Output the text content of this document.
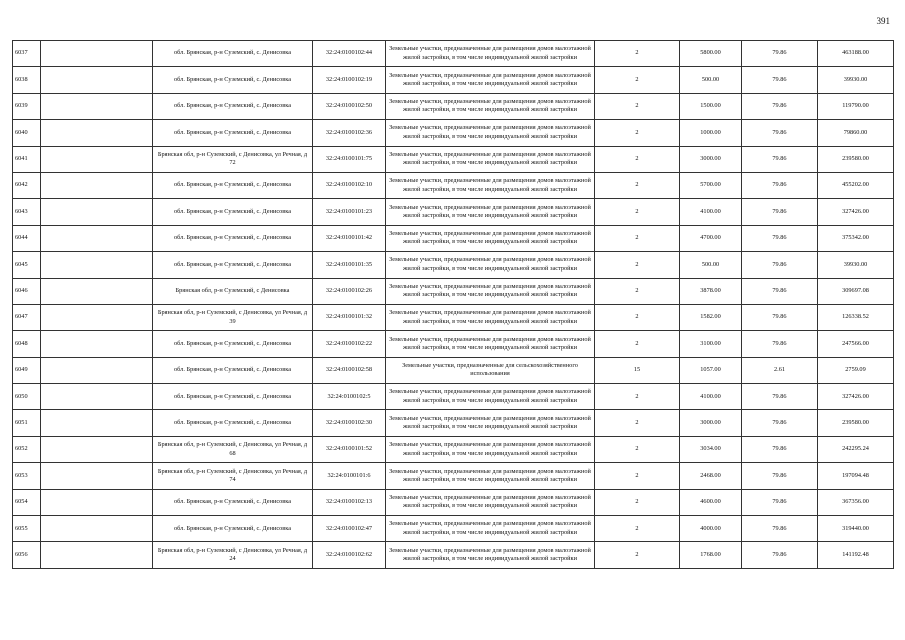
391
6037		обл. Брянская, р-н Суземский, с. Денисовка	32:24:0100102:44	Земельные участки, предназначенные для размещения домов малоэтажной жилой застройки, в том числе индивидуальной жилой застройки	2	5800.00	79.86	463188.00
6038		обл. Брянская, р-н Суземский, с. Денисовка	32:24:0100102:19	Земельные участки, предназначенные для размещения домов малоэтажной жилой застройки, в том числе индивидуальной жилой застройки	2	500.00	79.86	39930.00
6039		обл. Брянская, р-н Суземский, с. Денисовка	32:24:0100102:50	Земельные участки, предназначенные для размещения домов малоэтажной жилой застройки, в том числе индивидуальной жилой застройки	2	1500.00	79.86	119790.00
6040		обл. Брянская, р-н Суземский, с. Денисовка	32:24:0100102:36	Земельные участки, предназначенные для размещения домов малоэтажной жилой застройки, в том числе индивидуальной жилой застройки	2	1000.00	79.86	79860.00
6041		Брянская обл, р-н Суземский, с Денисовка, ул Речная, д 72	32:24:0100101:75	Земельные участки, предназначенные для размещения домов малоэтажной жилой застройки, в том числе индивидуальной жилой застройки	2	3000.00	79.86	239580.00
6042		обл. Брянская, р-н Суземский, с. Денисовка	32:24:0100102:10	Земельные участки, предназначенные для размещения домов малоэтажной жилой застройки, в том числе индивидуальной жилой застройки	2	5700.00	79.86	455202.00
6043		обл. Брянская, р-н Суземский, с. Денисовка	32:24:0100101:23	Земельные участки, предназначенные для размещения домов малоэтажной жилой застройки, в том числе индивидуальной жилой застройки	2	4100.00	79.86	327426.00
6044		обл. Брянская, р-н Суземский, с. Денисовка	32:24:0100101:42	Земельные участки, предназначенные для размещения домов малоэтажной жилой застройки, в том числе индивидуальной жилой застройки	2	4700.00	79.86	375342.00
6045		обл. Брянская, р-н Суземский, с. Денисовка	32:24:0100101:35	Земельные участки, предназначенные для размещения домов малоэтажной жилой застройки, в том числе индивидуальной жилой застройки	2	500.00	79.86	39930.00
6046		Брянская обл, р-н Суземский, с Денисовка	32:24:0100102:26	Земельные участки, предназначенные для размещения домов малоэтажной жилой застройки, в том числе индивидуальной жилой застройки	2	3878.00	79.86	309697.08
6047		Брянская обл, р-н Суземский, с Денисовка, ул Речная, д 39	32:24:0100101:32	Земельные участки, предназначенные для размещения домов малоэтажной жилой застройки, в том числе индивидуальной жилой застройки	2	1582.00	79.86	126338.52
6048		обл. Брянская, р-н Суземский, с. Денисовка	32:24:0100102:22	Земельные участки, предназначенные для размещения домов малоэтажной жилой застройки, в том числе индивидуальной жилой застройки	2	3100.00	79.86	247566.00
6049		обл. Брянская, р-н Суземский, с. Денисовка	32:24:0100102:58	Земельные участки, предназначенные для сельскохозяйственного использования	15	1057.00	2.61	2759.09
6050		обл. Брянская, р-н Суземский, с. Денисовка	32:24:0100102:5	Земельные участки, предназначенные для размещения домов малоэтажной жилой застройки, в том числе индивидуальной жилой застройки	2	4100.00	79.86	327426.00
6051		обл. Брянская, р-н Суземский, с. Денисовка	32:24:0100102:30	Земельные участки, предназначенные для размещения домов малоэтажной жилой застройки, в том числе индивидуальной жилой застройки	2	3000.00	79.86	239580.00
6052		Брянская обл, р-н Суземский, с Денисовка, ул Речная, д 68	32:24:0100101:52	Земельные участки, предназначенные для размещения домов малоэтажной жилой застройки, в том числе индивидуальной жилой застройки	2	3034.00	79.86	242295.24
6053		Брянская обл, р-н Суземский, с Денисовка, ул Речная, д 74	32:24:0100101:6	Земельные участки, предназначенные для размещения домов малоэтажной жилой застройки, в том числе индивидуальной жилой застройки	2	2468.00	79.86	197094.48
6054		обл. Брянская, р-н Суземский, с. Денисовка	32:24:0100102:13	Земельные участки, предназначенные для размещения домов малоэтажной жилой застройки, в том числе индивидуальной жилой застройки	2	4600.00	79.86	367356.00
6055		обл. Брянская, р-н Суземский, с. Денисовка	32:24:0100102:47	Земельные участки, предназначенные для размещения домов малоэтажной жилой застройки, в том числе индивидуальной жилой застройки	2	4000.00	79.86	319440.00
6056		Брянская обл, р-н Суземский, с Денисовка, ул Речная, д 24	32:24:0100102:62	Земельные участки, предназначенные для размещения домов малоэтажной жилой застройки, в том числе индивидуальной жилой застройки	2	1768.00	79.86	141192.48
